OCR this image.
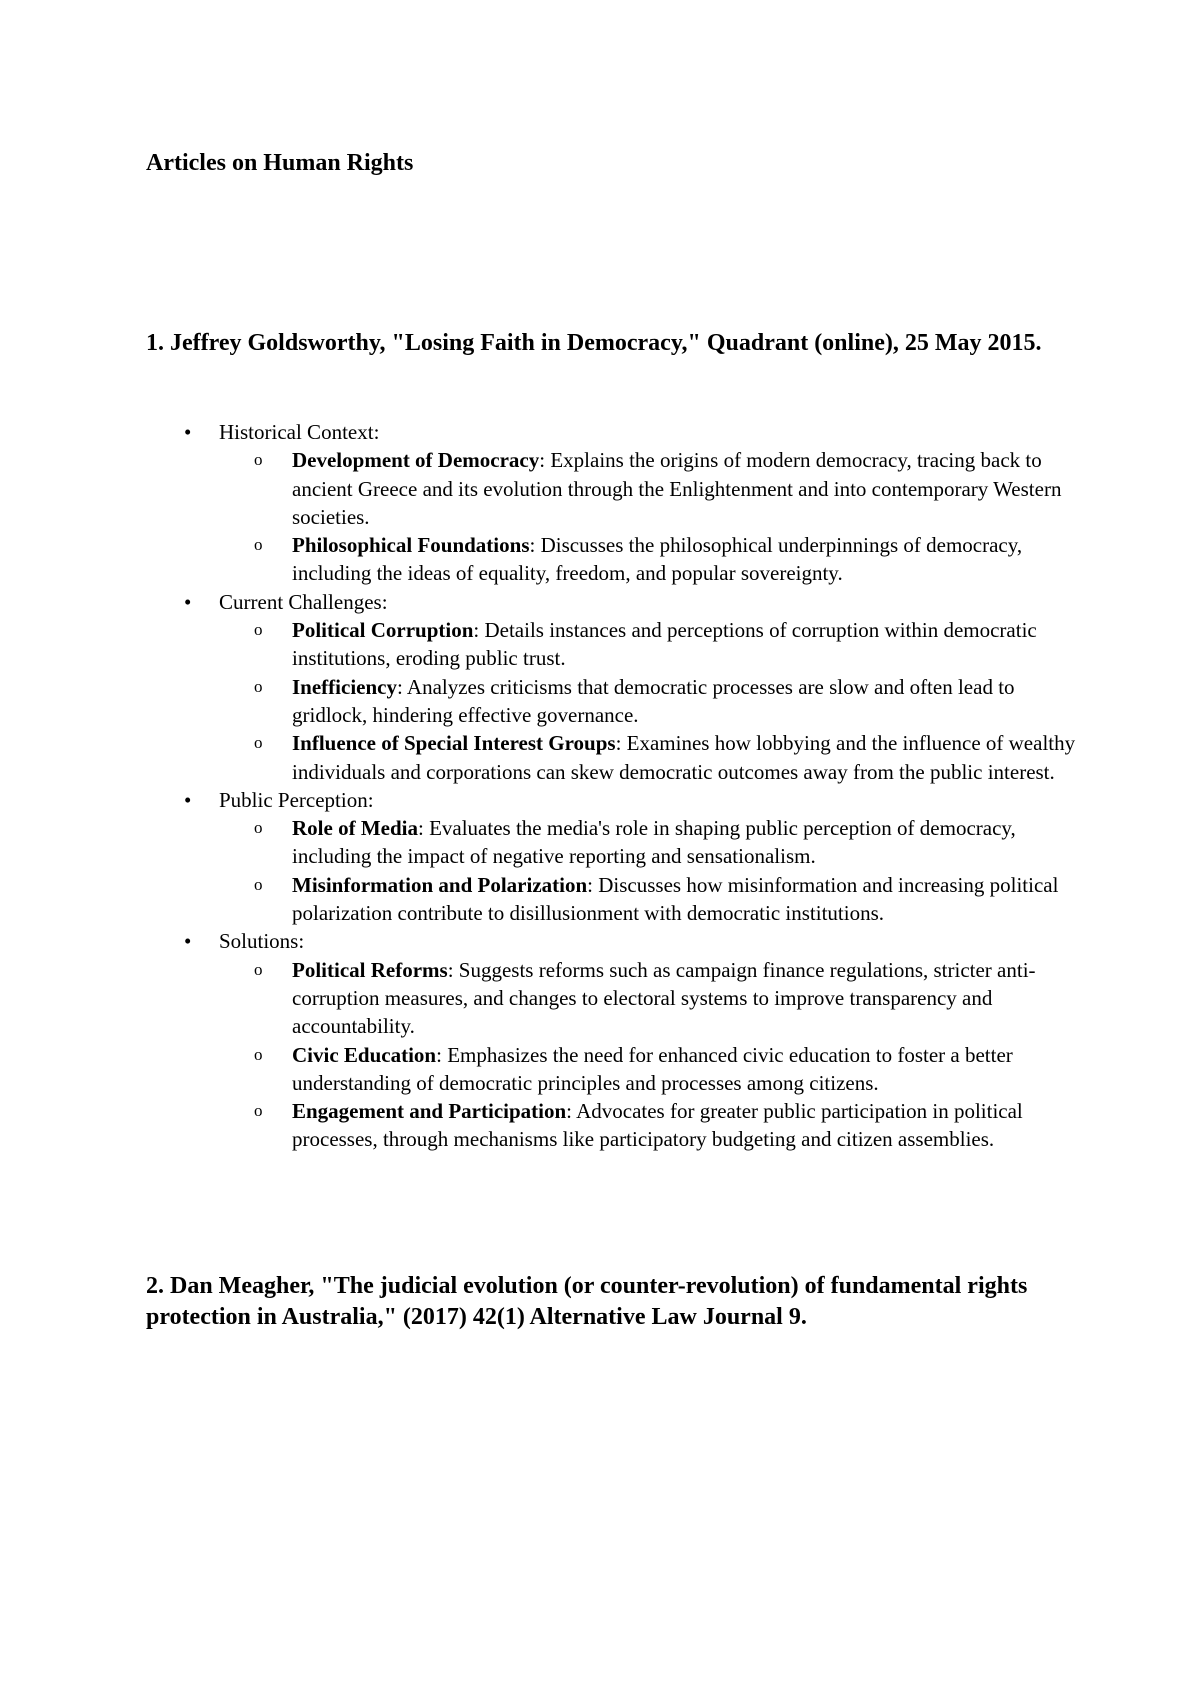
Articles on Human Rights
1. Jeffrey Goldsworthy, "Losing Faith in Democracy," Quadrant (online), 25 May 2015.
• Historical Context:
o Development of Democracy: Explains the origins of modern democracy, tracing back to ancient Greece and its evolution through the Enlightenment and into contemporary Western societies.
o Philosophical Foundations: Discusses the philosophical underpinnings of democracy, including the ideas of equality, freedom, and popular sovereignty.
• Current Challenges:
o Political Corruption: Details instances and perceptions of corruption within democratic institutions, eroding public trust.
o Inefficiency: Analyzes criticisms that democratic processes are slow and often lead to gridlock, hindering effective governance.
o Influence of Special Interest Groups: Examines how lobbying and the influence of wealthy individuals and corporations can skew democratic outcomes away from the public interest.
• Public Perception:
o Role of Media: Evaluates the media's role in shaping public perception of democracy, including the impact of negative reporting and sensationalism.
o Misinformation and Polarization: Discusses how misinformation and increasing political polarization contribute to disillusionment with democratic institutions.
• Solutions:
o Political Reforms: Suggests reforms such as campaign finance regulations, stricter anti-corruption measures, and changes to electoral systems to improve transparency and accountability.
o Civic Education: Emphasizes the need for enhanced civic education to foster a better understanding of democratic principles and processes among citizens.
o Engagement and Participation: Advocates for greater public participation in political processes, through mechanisms like participatory budgeting and citizen assemblies.
2. Dan Meagher, "The judicial evolution (or counter-revolution) of fundamental rights protection in Australia," (2017) 42(1) Alternative Law Journal 9.
